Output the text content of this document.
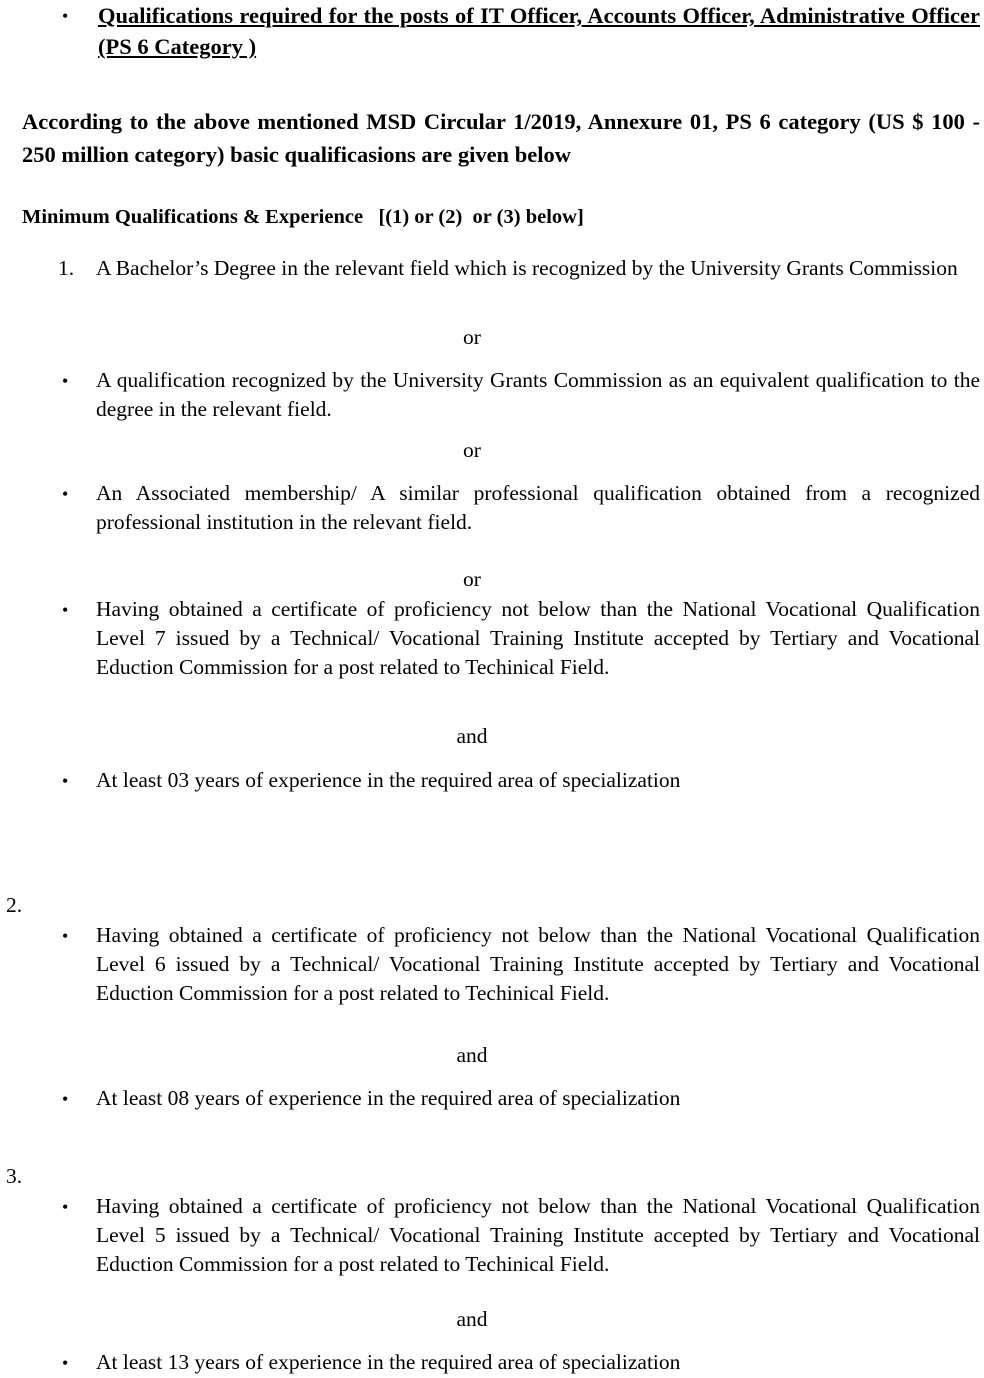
• Qualifications required for the posts of IT Officer, Accounts Officer, Administrative Officer (PS 6 Category )
According to the above mentioned MSD Circular 1/2019, Annexure 01, PS 6 category (US $ 100 - 250 million category) basic qualificasions are given below
Minimum Qualifications & Experience   [(1) or (2)  or (3) below]
1. A Bachelor’s Degree in the relevant field which is recognized by the University Grants Commission
or
• A qualification recognized by the University Grants Commission as an equivalent qualification to the degree in the relevant field.
or
• An Associated membership/ A similar professional qualification obtained from a recognized professional institution in the relevant field.
or
• Having obtained a certificate of proficiency not below than the National Vocational Qualification Level 7 issued by a Technical/ Vocational Training Institute accepted by Tertiary and Vocational Eduction Commission for a post related to Techinical Field.
and
• At least 03 years of experience in the required area of specialization
2.
• Having obtained a certificate of proficiency not below than the National Vocational Qualification Level 6 issued by a Technical/ Vocational Training Institute accepted by Tertiary and Vocational Eduction Commission for a post related to Techinical Field.
and
• At least 08 years of experience in the required area of specialization
3.
• Having obtained a certificate of proficiency not below than the National Vocational Qualification Level 5 issued by a Technical/ Vocational Training Institute accepted by Tertiary and Vocational Eduction Commission for a post related to Techinical Field.
and
• At least 13 years of experience in the required area of specialization
